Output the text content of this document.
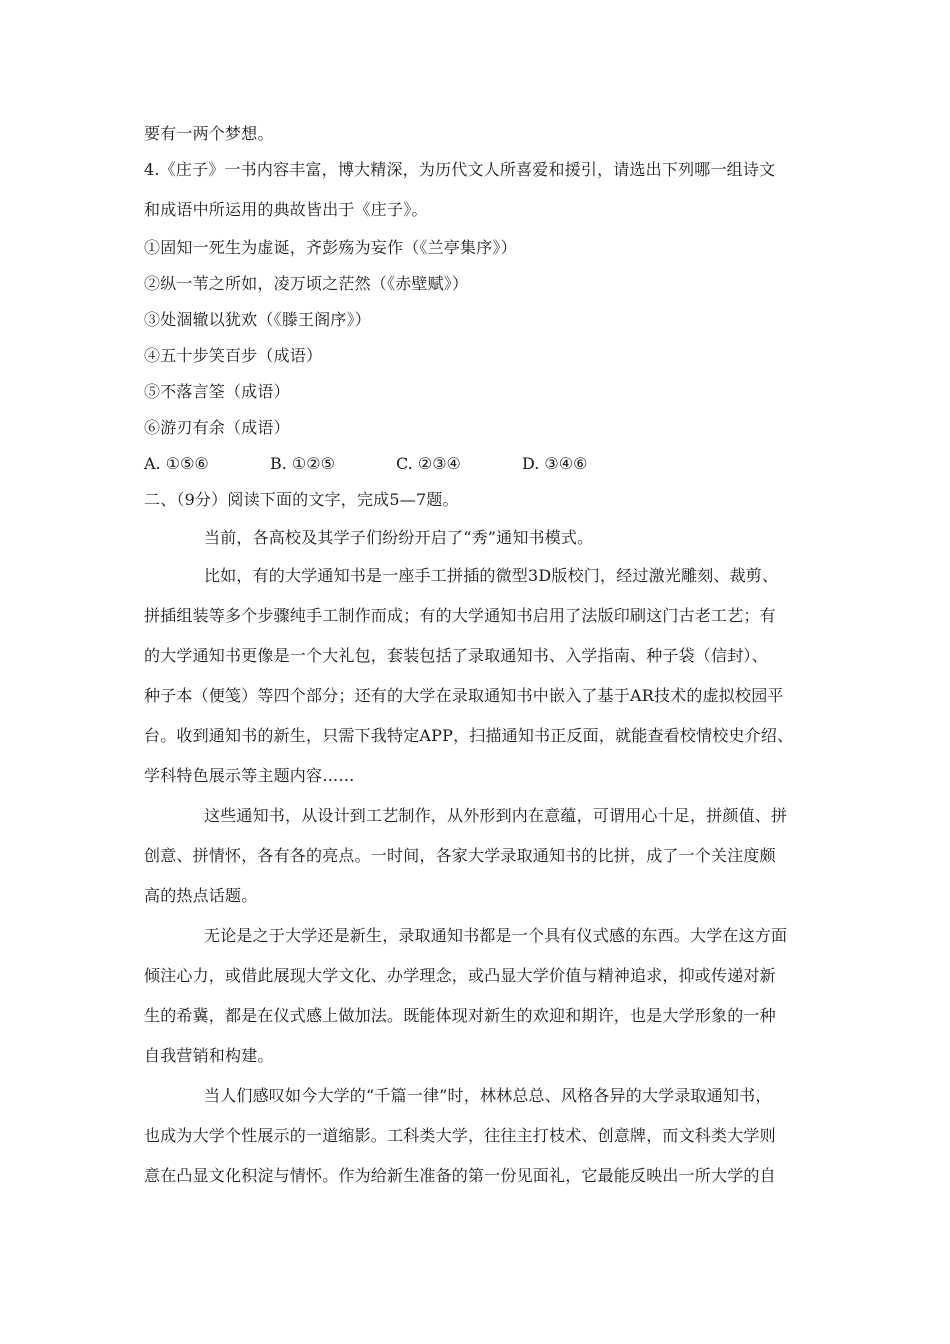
要有一两个梦想。
4.《庄子》一书内容丰富，博大精深，为历代文人所喜爱和援引，请选出下列哪一组诗文
和成语中所运用的典故皆出于《庄子》。
①固知一死生为虚诞，齐彭殇为妄作（《兰亭集序》）
②纵一苇之所如，凌万顷之茫然（《赤壁赋》）
③处涸辙以犹欢（《滕王阁序》）
④五十步笑百步（成语）
⑤不落言筌（成语）
⑥游刃有余（成语）
A. ①⑤⑥	B. ①②⑤	C. ②③④	D. ③④⑥
二、（9分）阅读下面的文字，完成5—7题。
当前，各高校及其学子们纷纷开启了“秀”通知书模式。
比如，有的大学通知书是一座手工拼插的微型3D版校门，经过激光雕刻、裁剪、
拼插组装等多个步骤纯手工制作而成；有的大学通知书启用了法版印刷这门古老工艺；有
的大学通知书更像是一个大礼包，套装包括了录取通知书、入学指南、种子袋（信封）、
种子本（便笺）等四个部分；还有的大学在录取通知书中嵌入了基于AR技术的虚拟校园平
台。收到通知书的新生，只需下我特定APP，扫描通知书正反面，就能查看校情校史介绍、
学科特色展示等主题内容……
这些通知书，从设计到工艺制作，从外形到内在意蕴，可谓用心十足，拼颜值、拼
创意、拼情怀，各有各的亮点。一时间，各家大学录取通知书的比拼，成了一个关注度颇
高的热点话题。
无论是之于大学还是新生，录取通知书都是一个具有仪式感的东西。大学在这方面
倾注心力，或借此展现大学文化、办学理念，或凸显大学价值与精神追求，抑或传递对新
生的希冀，都是在仪式感上做加法。既能体现对新生的欢迎和期许，也是大学形象的一种
自我营销和构建。
当人们感叹如今大学的“千篇一律”时，林林总总、风格各异的大学录取通知书，
也成为大学个性展示的一道缩影。工科类大学，往往主打枝术、创意牌，而文科类大学则
意在凸显文化积淀与情怀。作为给新生准备的第一份见面礼，它最能反映出一所大学的自
